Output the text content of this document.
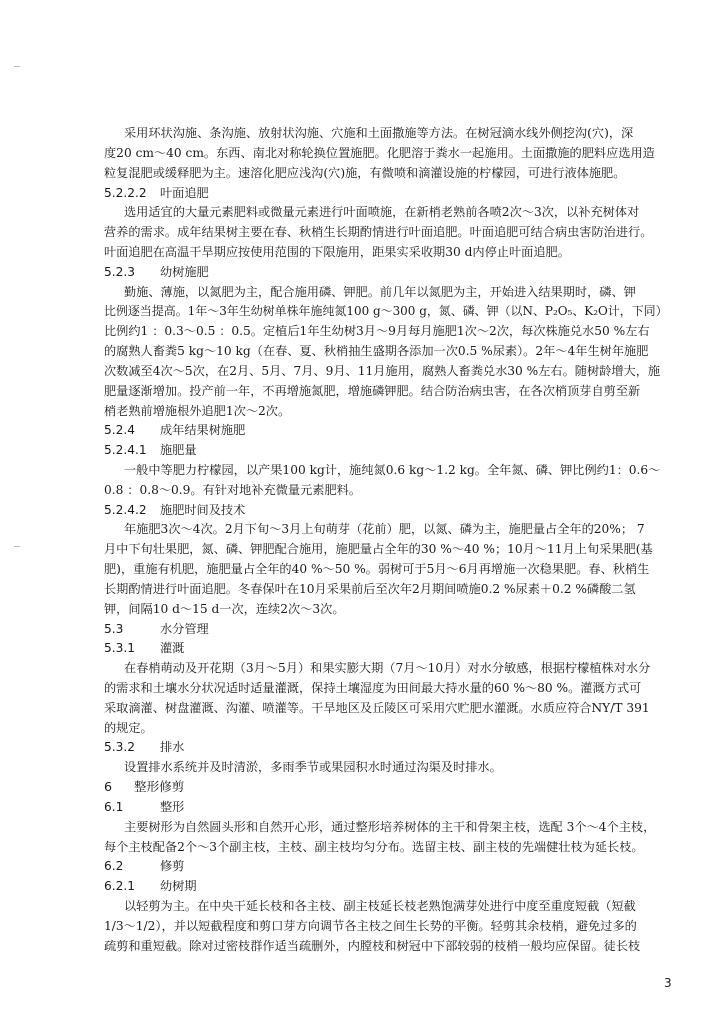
采用环状沟施、条沟施、放射状沟施、穴施和土面撒施等方法。在树冠滴水线外侧挖沟(穴)，深
度20 cm～40 cm。东西、南北对称轮换位置施肥。化肥溶于粪水一起施用。土面撒施的肥料应选用造
粒复混肥或缓释肥为主。速溶化肥应浅沟(穴)施，有微喷和滴灌设施的柠檬园，可进行液体施肥。
5.2.2.2 叶面追肥
选用适宜的大量元素肥料或微量元素进行叶面喷施，在新梢老熟前各喷2次～3次，以补充树体对
营养的需求。成年结果树主要在春、秋梢生长期酌情进行叶面追肥。叶面追肥可结合病虫害防治进行。
叶面追肥在高温干旱期应按使用范围的下限施用，距果实采收期30 d内停止叶面追肥。
5.2.3 幼树施肥
勤施、薄施，以氮肥为主，配合施用磷、钾肥。前几年以氮肥为主，开始进入结果期时，磷、钾
比例逐当提高。1年～3年生幼树单株年施纯氮100 g～300 g，氮、磷、钾（以N、P₂O₅、K₂O计，下同）
比例约1 ：0.3～0.5 ：0.5。定植后1年生幼树3月～9月每月施肥1次～2次，每次株施兑水50 %左右
的腐熟人畜粪5 kg～10 kg（在春、夏、秋梢抽生盛期各添加一次0.5 %尿素）。2年～4年生树年施肥
次数减至4次～5次，在2月、5月、7月、9月、11月施用，腐熟人畜粪兑水30 %左右。随树龄增大，施
肥量逐渐增加。投产前一年，不再增施氮肥，增施磷钾肥。结合防治病虫害，在各次梢顶芽自剪至新
梢老熟前增施根外追肥1次～2次。
5.2.4 成年结果树施肥
5.2.4.1 施肥量
一般中等肥力柠檬园，以产果100 kg计，施纯氮0.6 kg～1.2 kg。全年氮、磷、钾比例约1：0.6～
0.8 ：0.8～0.9。有针对地补充微量元素肥料。
5.2.4.2 施肥时间及技术
年施肥3次～4次。2月下旬～3月上旬萌芽（花前）肥，以氮、磷为主，施肥量占全年的20%； 7
月中下旬壮果肥，氮、磷、钾肥配合施用，施肥量占全年的30 %～40 %；10月～11月上旬采果肥(基
肥)，重施有机肥，施肥量占全年的40 %～50 %。弱树可于5月～6月再增施一次稳果肥。春、秋梢生
长期酌情进行叶面追肥。冬春保叶在10月采果前后至次年2月期间喷施0.2 %尿素＋0.2 %磷酸二氢
钾，间隔10 d～15 d一次，连续2次～3次。
5.3	水分管理
5.3.1 灌溉
在春梢萌动及开花期（3月～5月）和果实膨大期（7月～10月）对水分敏感，根据柠檬植株对水分
的需求和土壤水分状况适时适量灌溉，保持土壤湿度为田间最大持水量的60 %～80 %。灌溉方式可
采取滴灌、树盘灌溉、沟灌、喷灌等。干旱地区及丘陵区可采用穴贮肥水灌溉。水质应符合NY/T 391
的规定。
5.3.2 排水
设置排水系统并及时清淤，多雨季节或果园积水时通过沟渠及时排水。
6 整形修剪
6.1	整形
主要树形为自然圆头形和自然开心形，通过整形培养树体的主干和骨架主枝，选配 3个～4个主枝，
每个主枝配备2个～3个副主枝，主枝、副主枝均匀分布。选留主枝、副主枝的先端健壮枝为延长枝。
6.2	修剪
6.2.1 幼树期
以轻剪为主。在中央干延长枝和各主枝、副主枝延长枝老熟饱满芽处进行中度至重度短截（短截
1/3～1/2），并以短截程度和剪口芽方向调节各主枝之间生长势的平衡。轻剪其余枝梢，避免过多的
疏剪和重短截。除对过密枝群作适当疏删外，内膛枝和树冠中下部较弱的枝梢一般均应保留。徒长枝
3
